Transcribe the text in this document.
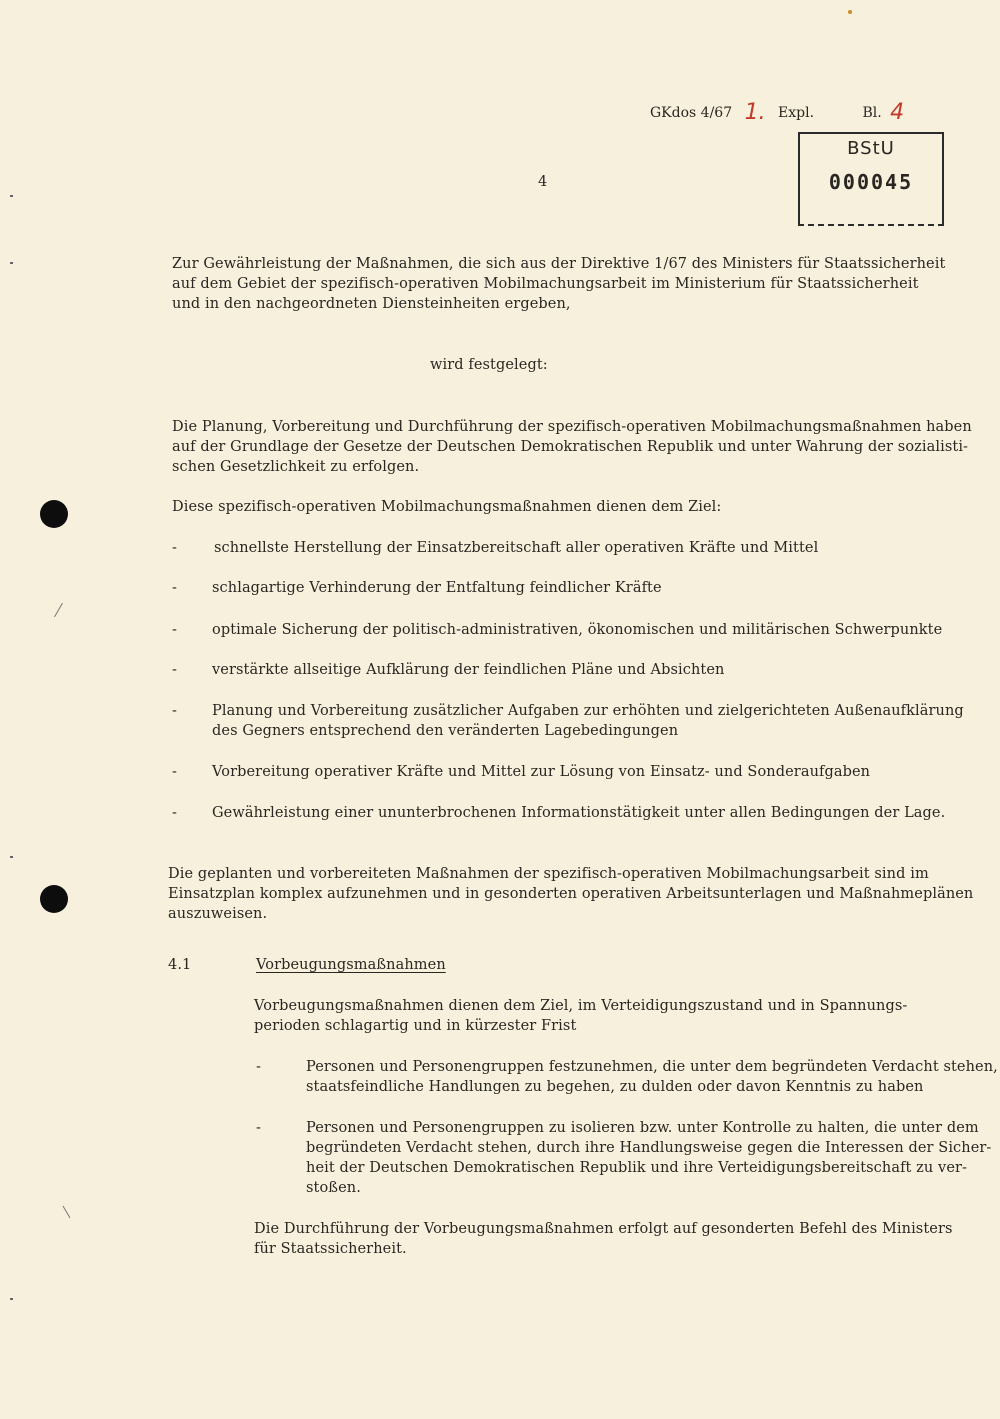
GKdos 4/67 1. Expl.	Bl. 4
BStU
000045
4
Zur Gewährleistung der Maßnahmen, die sich aus der Direktive 1/67 des Ministers für Staatssicherheit
auf dem Gebiet der spezifisch-operativen Mobilmachungsarbeit im Ministerium für Staatssicherheit
und in den nachgeordneten Diensteinheiten ergeben,
wird festgelegt:
Die Planung, Vorbereitung und Durchführung der spezifisch-operativen Mobilmachungsmaßnahmen haben
auf der Grundlage der Gesetze der Deutschen Demokratischen Republik und unter Wahrung der sozialisti-
schen Gesetzlichkeit zu erfolgen.
Diese spezifisch-operativen Mobilmachungsmaßnahmen dienen dem Ziel:
-	schnellste Herstellung der Einsatzbereitschaft aller operativen Kräfte und Mittel
- schlagartige Verhinderung der Entfaltung feindlicher Kräfte
- optimale Sicherung der politisch-administrativen, ökonomischen und militärischen Schwerpunkte
- verstärkte allseitige Aufklärung der feindlichen Pläne und Absichten
- Planung und Vorbereitung zusätzlicher Aufgaben zur erhöhten und zielgerichteten Außenaufklärung
des Gegners entsprechend den veränderten Lagebedingungen
- Vorbereitung operativer Kräfte und Mittel zur Lösung von Einsatz- und Sonderaufgaben
- Gewährleistung einer ununterbrochenen Informationstätigkeit unter allen Bedingungen der Lage.
Die geplanten und vorbereiteten Maßnahmen der spezifisch-operativen Mobilmachungsarbeit sind im
Einsatzplan komplex aufzunehmen und in gesonderten operativen Arbeitsunterlagen und Maßnahmeplänen
auszuweisen.
4.1	Vorbeugungsmaßnahmen
Vorbeugungsmaßnahmen dienen dem Ziel, im Verteidigungszustand und in Spannungs-
perioden schlagartig und in kürzester Frist
-	Personen und Personengruppen festzunehmen, die unter dem begründeten Verdacht stehen,
staatsfeindliche Handlungen zu begehen, zu dulden oder davon Kenntnis zu haben
-	Personen und Personengruppen zu isolieren bzw. unter Kontrolle zu halten, die unter dem
begründeten Verdacht stehen, durch ihre Handlungsweise gegen die Interessen der Sicher-
heit der Deutschen Demokratischen Republik und ihre Verteidigungsbereitschaft zu ver-
stoßen.
Die Durchführung der Vorbeugungsmaßnahmen erfolgt auf gesonderten Befehl des Ministers
für Staatssicherheit.
